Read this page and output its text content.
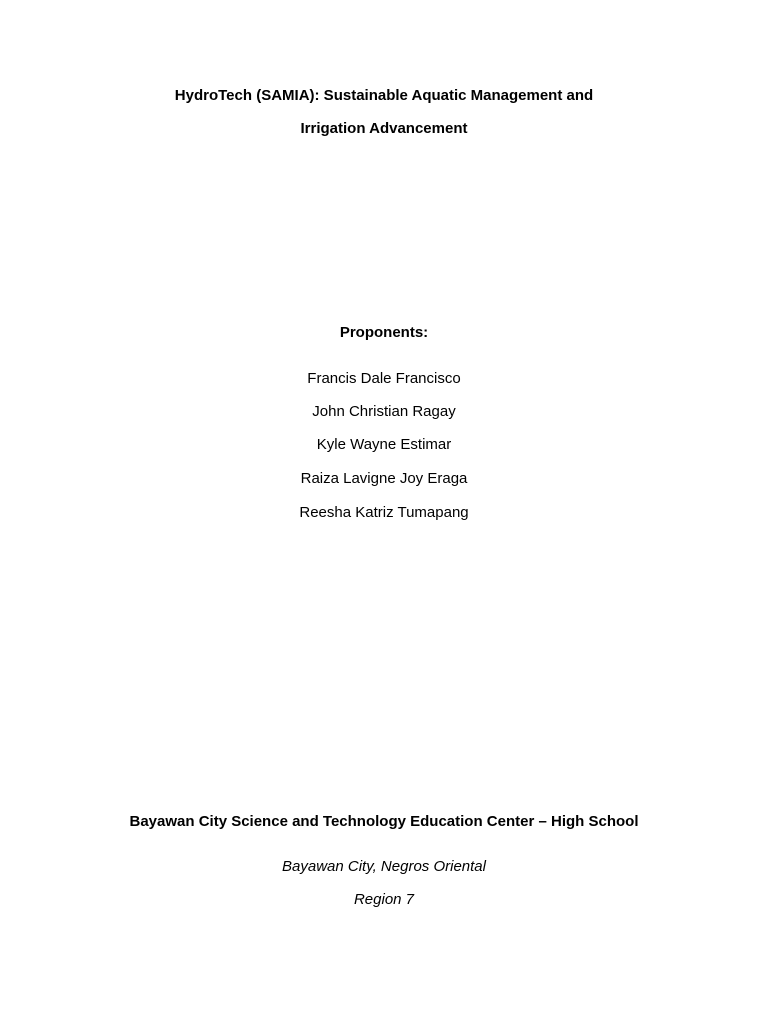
HydroTech (SAMIA): Sustainable Aquatic Management and
Irrigation Advancement
Proponents:
Francis Dale Francisco
John Christian Ragay
Kyle Wayne Estimar
Raiza Lavigne Joy Eraga
Reesha Katriz Tumapang
Bayawan City Science and Technology Education Center – High School
Bayawan City, Negros Oriental
Region 7
